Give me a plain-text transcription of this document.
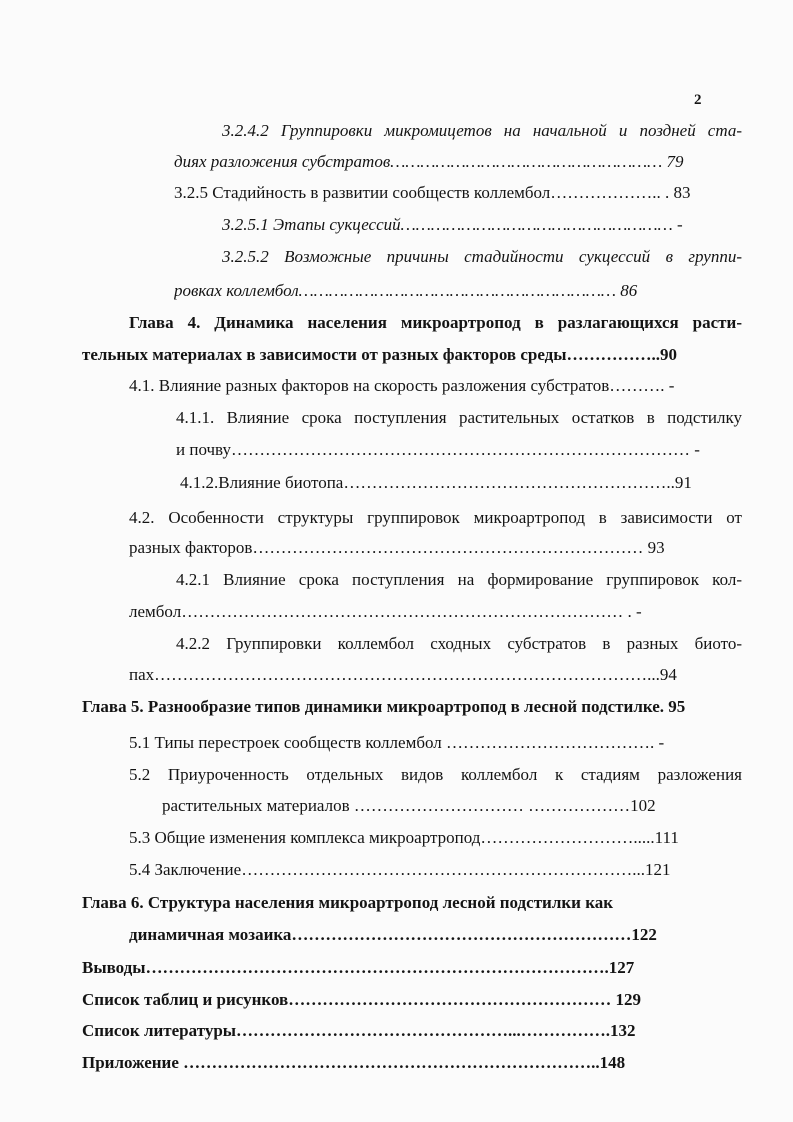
2
3.2.4.2 Группировки микромицетов на начальной и поздней ста-
диях разложения субстратов……………………………………………… 79
3.2.5 Стадийность в развитии сообществ коллембол……………….. . 83
3.2.5.1 Этапы сукцессий……………………………………………… -
3.2.5.2 Возможные причины стадийности сукцессий в группи-
ровках коллембол……………………………………………………… 86
Глава 4. Динамика населения микроартропод в разлагающихся расти-
тельных материалах в зависимости от разных факторов среды……………..90
4.1. Влияние разных факторов на скорость разложения субстратов………. -
4.1.1. Влияние срока поступления растительных остатков в подстилку
и почву……………………………………………………………………… -
4.1.2.Влияние биотопа…………………………………………………..91
4.2. Особенности структуры группировок микроартропод в зависимости от
разных факторов…………………………………………………………… 93
4.2.1 Влияние срока поступления на формирование группировок кол-
лембол…………………………………………………………………… . -
4.2.2 Группировки коллембол сходных субстратов в разных биото-
пах……………………………………………………………………………...94
Глава 5. Разнообразие типов динамики микроартропод в лесной подстилке. 95
5.1 Типы перестроек сообществ коллембол ………………………………. -
5.2 Приуроченность отдельных видов коллембол к стадиям разложения
растительных материалов ………………………… ………………102
5.3 Общие изменения комплекса микроартропод……………………….....111
5.4 Заключение……………………………………………………………...121
Глава 6. Структура населения микроартропод лесной подстилки как
динамичная мозаика……………………………………………………122
Выводы……………………………………………………………………….127
Список таблиц и рисунков………………………………………………… 129
Список литературы…………………………………………...…………….132
Приложение ………………………………………………………………..148
